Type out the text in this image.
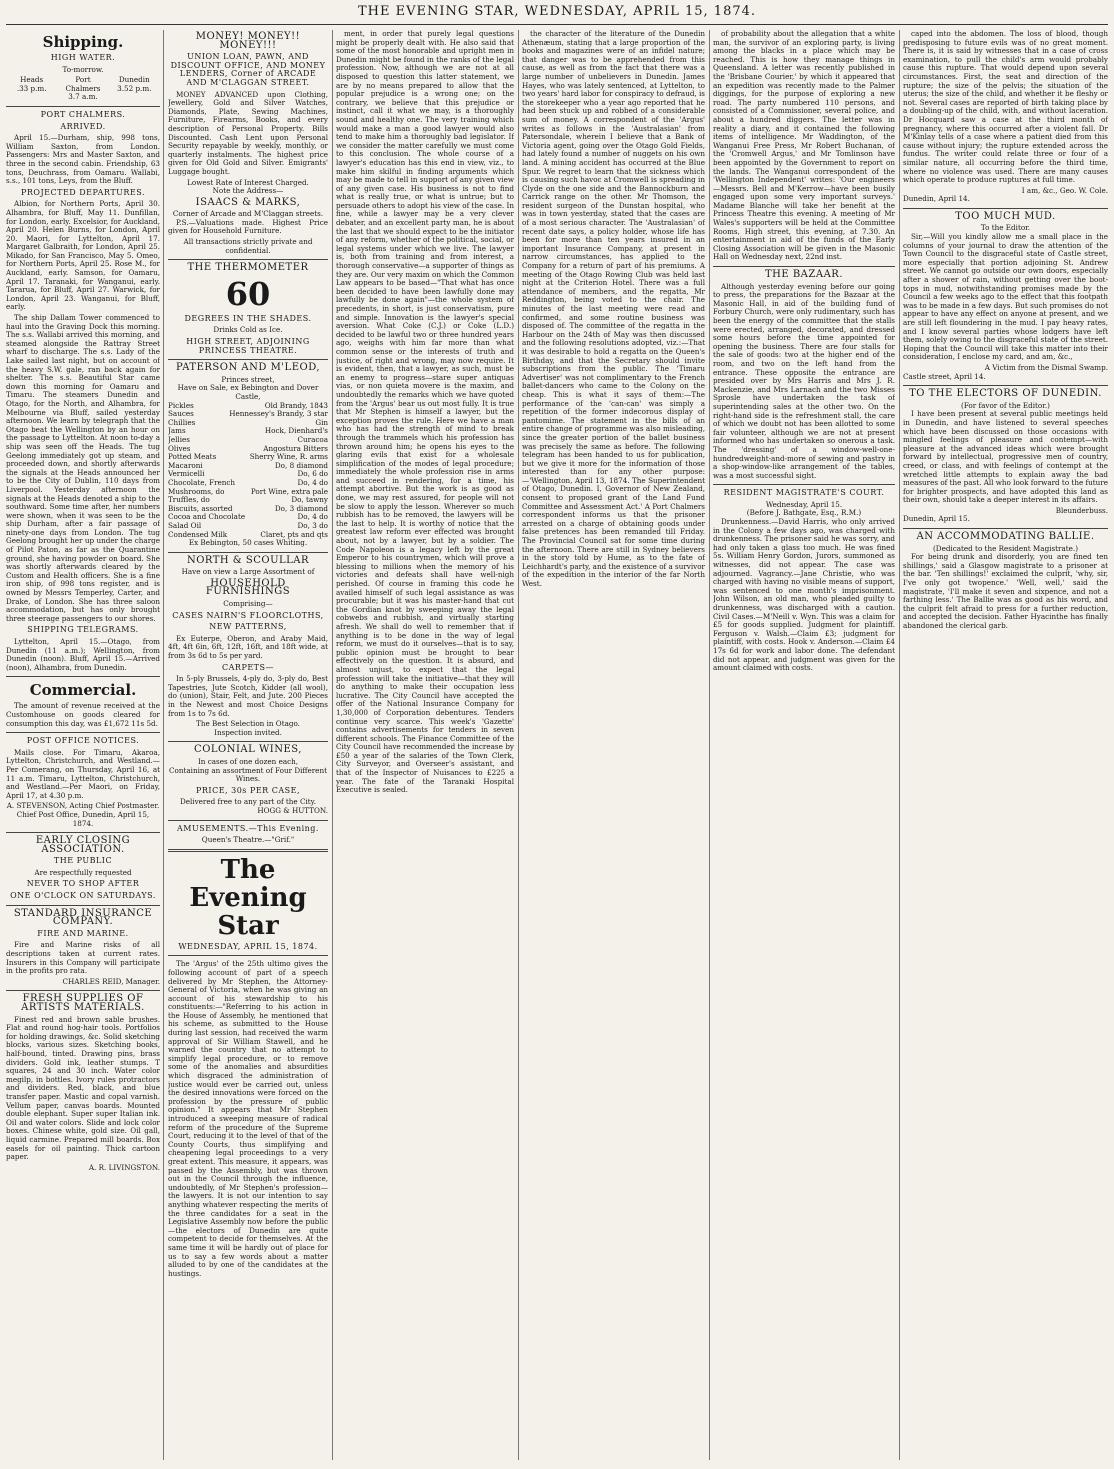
THE EVENING STAR, WEDNESDAY, APRIL 15, 1874.
Shipping.
HIGH WATER.
To-morrow.
Heads
.33 p.m.
Port Chalmers
3.7 a.m.
Dunedin
3.52 p.m.
PORT CHALMERS.
ARRIVED.

April 15.—Durham, ship, 998 tons, William Saxton, from London. Passengers: Mrs and Master Saxton, and three in the second cabin. Friendship, 63 tons, Deuchrass, from Oamaru. Wallabi, s.s., 101 tons, Leys, from the Bluff.

PROJECTED DEPARTURES.

Albion, for Northern Ports, April 30. Alhambra, for Bluff, May 11. Dunfillan, for London, early. Excelsior, for Auckland, April 20. Helen Burns, for London, April 20. Maori, for Lyttelton, April 17. Margaret Galbraith, for London, April 25. Mikado, for San Francisco, May 5. Omeo, for Northern Ports, April 25. Rose M., for Auckland, early. Samson, for Oamaru, April 17. Taranaki, for Wanganui, early. Tararua, for Bluff, April 27. Warwick, for London, April 23. Wanganui, for Bluff, early.

The ship Dallam Tower commenced to haul into the Graving Dock this morning. The s.s. Wallabi arrived this morning, and steamed alongside the Rattray Street wharf to discharge. The s.s. Lady of the Lake sailed last night, but on account of the heavy S.W. gale, ran back again for shelter. The s.s. Beautiful Star came down this morning for Oamaru and Timaru. The steamers Dunedin and Otago, for the North, and Alhambra, for Melbourne via Bluff, sailed yesterday afternoon. We learn by telegraph that the Otago beat the Wellington by an hour on the passage to Lyttelton. At noon to-day a ship was seen off the Heads. The tug Geelong immediately got up steam, and proceeded down, and shortly afterwards the signals at the Heads announced her to be the City of Dublin, 110 days from Liverpool. Yesterday afternoon the signals at the Heads denoted a ship to the southward. Some time after, her numbers were shown, when it was seen to be the ship Durham, after a fair passage of ninety-one days from London. The tug Geelong brought her up under the charge of Pilot Paton, as far as the Quarantine ground, she having powder on board. She was shortly afterwards cleared by the Custom and Health officers. She is a fine iron ship, of 998 tons register, and is owned by Messrs Temperley, Carter, and Drake, of London. She has three saloon accommodation, but has only brought three steerage passengers to our shores.

SHIPPING TELEGRAMS.

Lyttelton, April 15.—Otago, from Dunedin (11 a.m.); Wellington, from Dunedin (noon). Bluff, April 15.—Arrived (noon), Alhambra, from Dunedin.

Commercial.

The amount of revenue received at the Customhouse on goods cleared for consumption this day, was £1,672 11s 5d.

POST OFFICE NOTICES.

Mails close. For Timaru, Akaroa, Lyttelton, Christchurch, and Westland.—Per Comerang, on Thursday, April 16, at 11 a.m. Timaru, Lyttelton, Christchurch, and Westland.—Per Maori, on Friday, April 17, at 4.30 p.m.

A. STEVENSON, Acting Chief Postmaster. Chief Post Office, Dunedin, April 15, 1874.
EARLY CLOSING ASSOCIATION.
THE PUBLIC
Are respectfully requested
NEVER TO SHOP AFTER
ONE O'CLOCK ON SATURDAYS.
STANDARD INSURANCE COMPANY.
FIRE AND MARINE.

Fire and Marine risks of all descriptions taken at current rates. Insurers in this Company will participate in the profits pro rata.

CHARLES REID, Manager.
FRESH SUPPLIES OF ARTISTS MATERIALS.

Finest red and brown sable brushes. Flat and round hog-hair tools. Portfolios for holding drawings, &c. Solid sketching blocks, various sizes. Sketching books, half-bound, tinted. Drawing pins, brass dividers. Gold ink, leather stumps. T squares, 24 and 30 inch. Water color megilp, in bottles. Ivory rules protractors and dividers. Red, black, and blue transfer paper. Mastic and copal varnish. Vellum paper, canvas boards. Mounted double elephant. Super super Italian ink. Oil and water colors. Slide and lock color boxes. Chinese white, gold size. Oil gall, liquid carmine. Prepared mill boards. Box easels for oil painting. Thick cartoon paper.

A. R. LIVINGSTON.
MONEY! MONEY!! MONEY!!!
UNION LOAN, PAWN, AND DISCOUNT OFFICE, AND MONEY LENDERS, Corner of ARCADE AND M'CLAGGAN STREET.

MONEY ADVANCED upon Clothing, Jewellery, Gold and Silver Watches, Diamonds, Plate, Sewing Machines, Furniture, Firearms, Books, and every description of Personal Property. Bills Discounted. Cash Lent upon Personal Security repayable by weekly, monthly, or quarterly instalments. The highest price given for Old Gold and Silver. Emigrants' Luggage bought.

Lowest Rate of Interest Charged.
Note the Address—
ISAACS & MARKS,
Corner of Arcade and M'Claggan streets.

P.S.—Valuations made. Highest Price given for Household Furniture.

All transactions strictly private and confidential.
THE THERMOMETER
60
DEGREES IN THE SHADES.
Drinks Cold as Ice.
HIGH STREET, ADJOINING PRINCESS THEATRE.
PATERSON AND M'LEOD,
Princes street,
Have on Sale, ex Bebington and Dover Castle,
Pickles	Old Brandy, 1843
Sauces	Hennessey's Brandy, 3 star
Chillies	Gin
Jams	Hock, Dienhard's
Jellies	Curacoa
Olives	Angostura Bitters
Potted Meats	Sherry Wine, R. arms
Macaroni	Do, 8 diamond
Vermicelli	Do, 6 do
Chocolate, French	Do, 4 do
Mushrooms, do	Port Wine, extra pale
Truffles, do	Do, tawny
Biscuits, assorted	Do, 3 diamond
Cocoa and Chocolate	Do, 4 do
Salad Oil	Do, 3 do
Condensed Milk	Claret, pts and qts
Ex Bebington, 50 cases Whiting.
NORTH & SCOULLAR
Have on view a Large Assortment of
HOUSEHOLD FURNISHINGS
Comprising—
CASES NAIRN'S FLOORCLOTHS,
NEW PATTERNS,

Ex Euterpe, Oberon, and Araby Maid, 4ft, 4ft 6in, 6ft, 12ft, 16ft, and 18ft wide, at from 3s 6d to 5s per yard.

CARPETS—

In 5-ply Brussels, 4-ply do, 3-ply do, Best Tapestries, Jute Scotch, Kidder (all wool), do (union), Stair, Felt, and Jute. 200 Pieces in the Newest and most Choice Designs from 1s to 7s 6d.

The Best Selection in Otago.
Inspection invited.
COLONIAL WINES,
In cases of one dozen each,
Containing an assortment of Four Different
Wines.
PRICE, 30s PER CASE,
Delivered free to any part of the City.
HOGG & HUTTON.
AMUSEMENTS.—This Evening.
Queen's Theatre.—"Grif."
The Evening Star
WEDNESDAY, APRIL 15, 1874.

The 'Argus' of the 25th ultimo gives the following account of part of a speech delivered by Mr Stephen, the Attorney-General of Victoria, when he was giving an account of his stewardship to his constituents:—"Referring to his action in the House of Assembly, he mentioned that his scheme, as submitted to the House during last session, had received the warm approval of Sir William Stawell, and he warned the country that no attempt to simplify legal procedure, or to remove some of the anomalies and absurdities which disgraced the administration of justice would ever be carried out, unless the desired innovations were forced on the profession by the pressure of public opinion." It appears that Mr Stephen introduced a sweeping measure of radical reform of the procedure of the Supreme Court, reducing it to the level of that of the County Courts, thus simplifying and cheapening legal proceedings to a very great extent. This measure, it appears, was passed by the Assembly, but was thrown out in the Council through the influence, undoubtedly, of Mr Stephen's profession—the lawyers. It is not our intention to say anything whatever respecting the merits of the three candidates for a seat in the Legislative Assembly now before the public—the electors of Dunedin are quite competent to decide for themselves. At the same time it will be hardly out of place for us to say a few words about a matter alluded to by one of the candidates at the hustings.

ment, in order that purely legal questions might be properly dealt with. He also said that some of the most honorable and upright men in Dunedin might be found in the ranks of the legal profession. Now, although we are not at all disposed to question this latter statement, we are by no means prepared to allow that the popular prejudice is a wrong one; on the contrary, we believe that this prejudice or instinct, call it what we may, is a thoroughly sound and healthy one. The very training which would make a man a good lawyer would also tend to make him a thoroughly bad legislator. If we consider the matter carefully we must come to this conclusion. The whole course of a lawyer's education has this end in view, viz., to make him skilful in finding arguments which may be made to tell in support of any given view of any given case. His business is not to find what is really true, or what is untrue; but to persuade others to adopt his view of the case. In fine, while a lawyer may be a very clever debater, and an excellent party man, he is about the last that we should expect to be the initiator of any reform, whether of the political, social, or legal systems under which we live. The lawyer is, both from training and from interest, a thorough conservative—a supporter of things as they are. Our very maxim on which the Common Law appears to be based—"That what has once been decided to have been lawfully done may lawfully be done again"—the whole system of precedents, in short, is just conservatism, pure and simple. Innovation is the lawyer's special aversion. What Coke (C.J.) or Coke (L.D.) decided to be lawful two or three hundred years ago, weighs with him far more than what common sense or the interests of truth and justice, of right and wrong, may now require. It is evident, then, that a lawyer, as such, must be an enemy to progress—stare super antiquas vias, or non quieta movere is the maxim, and undoubtedly the remarks which we have quoted from the 'Argus' bear us out most fully. It is true that Mr Stephen is himself a lawyer, but the exception proves the rule. Here we have a man who has had the strength of mind to break through the trammels which his profession has thrown around him; he opens his eyes to the glaring evils that exist for a wholesale simplification of the modes of legal procedure; immediately the whole profession rise in arms and succeed in rendering, for a time, his attempt abortive. But the work is as good as done, we may rest assured, for people will not be slow to apply the lesson. Wherever so much rubbish has to be removed, the lawyers will be the last to help. It is worthy of notice that the greatest law reform ever effected was brought about, not by a lawyer, but by a soldier. The Code Napoleon is a legacy left by the great Emperor to his countrymen, which will prove a blessing to millions when the memory of his victories and defeats shall have well-nigh perished. Of course in framing this code he availed himself of such legal assistance as was procurable; but it was his master-hand that cut the Gordian knot by sweeping away the legal cobwebs and rubbish, and virtually starting afresh. We shall do well to remember that if anything is to be done in the way of legal reform, we must do it ourselves—that is to say, public opinion must be brought to bear effectively on the question. It is absurd, and almost unjust, to expect that the legal profession will take the initiative—that they will do anything to make their occupation less lucrative. The City Council have accepted the offer of the National Insurance Company for 1,30,000 of Corporation debentures. Tenders continue very scarce. This week's 'Gazette' contains advertisements for tenders in seven different schools. The Finance Committee of the City Council have recommended the increase by £50 a year of the salaries of the Town Clerk, City Surveyor, and Overseer's assistant, and that of the Inspector of Nuisances to £225 a year. The fate of the Taranaki Hospital Executive is sealed.

the character of the literature of the Dunedin Athenæum, stating that a large proportion of the books and magazines were of an infidel nature; that danger was to be apprehended from this cause, as well as from the fact that there was a large number of unbelievers in Dunedin. James Hayes, who was lately sentenced, at Lyttelton, to two years' hard labor for conspiracy to defraud, is the storekeeper who a year ago reported that he had been stuck up and robbed of a considerable sum of money. A correspondent of the 'Argus' writes as follows in the 'Australasian' from Patersondale, wherein I believe that a Bank of Victoria agent, going over the Otago Gold Fields, had lately found a number of nuggets on his own land. A mining accident has occurred at the Blue Spur. We regret to learn that the sickness which is causing such havoc at Cromwell is spreading in Clyde on the one side and the Bannockburn and Carrick range on the other. Mr Thomson, the resident surgeon of the Dunstan hospital, who was in town yesterday, stated that the cases are of a most serious character. The 'Australasian' of recent date says, a policy holder, whose life has been for more than ten years insured in an important Insurance Company, at present in narrow circumstances, has applied to the Company for a return of part of his premiums. A meeting of the Otago Rowing Club was held last night at the Criterion Hotel. There was a full attendance of members, and the regatta, Mr Reddington, being voted to the chair. The minutes of the last meeting were read and confirmed, and some routine business was disposed of. The committee of the regatta in the Harbour on the 24th of May was then discussed and the following resolutions adopted, viz.:—That it was desirable to hold a regatta on the Queen's Birthday, and that the Secretary should invite subscriptions from the public. The 'Timaru Advertiser' was not complimentary to the French ballet-dancers who came to the Colony on the cheap. This is what it says of them:—The performance of the 'can-can' was simply a repetition of the former indecorous display of pantomime. The statement in the bills of an entire change of programme was also misleading, since the greater portion of the ballet business was precisely the same as before. The following telegram has been handed to us for publication, but we give it more for the information of those interested than for any other purpose:—'Wellington, April 13, 1874. The Superintendent of Otago, Dunedin. I, Governor of New Zealand, consent to proposed grant of the Land Fund Committee and Assessment Act.' A Port Chalmers correspondent informs us that the prisoner arrested on a charge of obtaining goods under false pretences has been remanded till Friday. The Provincial Council sat for some time during the afternoon. There are still in Sydney believers in the story told by Hume, as to the fate of Leichhardt's party, and the existence of a survivor of the expedition in the interior of the far North West.

of probability about the allegation that a white man, the survivor of an exploring party, is living among the blacks in a place which may be reached. This is how they manage things in Queensland. A letter was recently published in the 'Brisbane Courier,' by which it appeared that an expedition was recently made to the Palmer diggings, for the purpose of exploring a new road. The party numbered 110 persons, and consisted of a Commissioner, several police, and about a hundred diggers. The letter was in reality a diary, and it contained the following items of intelligence. Mr Waddington, of the Wanganui Free Press, Mr Robert Buchanan, of the 'Cromwell Argus,' and Mr Tomlinson have been appointed by the Government to report on the lands. The Wanganui correspondent of the 'Wellington Independent' writes: 'Our engineers—Messrs. Bell and M'Kerrow—have been busily engaged upon some very important surveys.' Madame Blanche will take her benefit at the Princess Theatre this evening. A meeting of Mr Wales's supporters will be held at the Committee Rooms, High street, this evening, at 7.30. An entertainment in aid of the funds of the Early Closing Association will be given in the Masonic Hall on Wednesday next, 22nd inst.

THE BAZAAR.

Although yesterday evening before our going to press, the preparations for the Bazaar at the Masonic Hall, in aid of the building fund of Forbury Church, were only rudimentary, such has been the energy of the committee that the stalls were erected, arranged, decorated, and dressed some hours before the time appointed for opening the business. There are four stalls for the sale of goods: two at the higher end of the room, and two on the left hand from the entrance. These opposite the entrance are presided over by Mrs Harris and Mrs J. R. Mackenzie, and Mrs Larnach and the two Misses Sprosle have undertaken the task of superintending sales at the other two. On the right-hand side is the refreshment stall, the care of which we doubt not has been allotted to some fair volunteer, although we are not at present informed who has undertaken so onerous a task. The 'dressing' of a window-well-one-hundredweight-and-more of sewing and pastry in a shop-window-like arrangement of the tables, was a most successful sight.

RESIDENT MAGISTRATE'S COURT.
Wednesday, April 15.
(Before J. Bathgate, Esq., R.M.)

Drunkenness.—David Harris, who only arrived in the Colony a few days ago, was charged with drunkenness. The prisoner said he was sorry, and had only taken a glass too much. He was fined 5s. William Henry Gordon, Jurors, summoned as witnesses, did not appear. The case was adjourned. Vagrancy.—Jane Christie, who was charged with having no visible means of support, was sentenced to one month's imprisonment. John Wilson, an old man, who pleaded guilty to drunkenness, was discharged with a caution. Civil Cases.—M'Neill v. Wyn. This was a claim for £5 for goods supplied. Judgment for plaintiff. Ferguson v. Walsh.—Claim £3; judgment for plaintiff, with costs. Hook v. Anderson.—Claim £4 17s 6d for work and labor done. The defendant did not appear, and judgment was given for the amount claimed with costs.

caped into the abdomen. The loss of blood, though predisposing to future evils was of no great moment. There is, it is said by witnesses that in a case of cross examination, to pull the child's arm would probably cause this rupture. That would depend upon several circumstances. First, the seat and direction of the rupture; the size of the pelvis; the situation of the uterus; the size of the child, and whether it be fleshy or not. Several cases are reported of birth taking place by a doubling-up of the child, with, and without laceration. Dr Hocquard saw a case at the third month of pregnancy, where this occurred after a violent fall. Dr M'Kinlay tells of a case where a patient died from this cause without injury; the rupture extended across the fundus. The writer could relate three or four of a similar nature, all occurring before the third time, where no violence was used. There are many causes which operate to produce ruptures at full time.

I am, &c., Geo. W. Cole.
Dunedin, April 14.
TOO MUCH MUD.
To the Editor.

Sir,—Will you kindly allow me a small place in the columns of your journal to draw the attention of the Town Council to the disgraceful state of Castle street, more especially that portion adjoining St. Andrew street. We cannot go outside our own doors, especially after a shower of rain, without getting over the boot-tops in mud, notwithstanding promises made by the Council a few weeks ago to the effect that this footpath was to be made in a few days. But such promises do not appear to have any effect on anyone at present, and we are still left floundering in the mud. I pay heavy rates, and I know several parties whose lodgers have left them, solely owing to the disgraceful state of the street. Hoping that the Council will take this matter into their consideration, I enclose my card, and am, &c.,

A Victim from the Dismal Swamp.
Castle street, April 14.
TO THE ELECTORS OF DUNEDIN.
(For favor of the Editor.)

I have been present at several public meetings held in Dunedin, and have listened to several speeches which have been discussed on those occasions with mingled feelings of pleasure and contempt—with pleasure at the advanced ideas which were brought forward by intellectual, progressive men of country, creed, or class, and with feelings of contempt at the wretched little attempts to explain away the bad measures of the past. All who look forward to the future for brighter prospects, and have adopted this land as their own, should take a deeper interest in its affairs.

Bleunderbuss.
Dunedin, April 15.
AN ACCOMMODATING BALLIE.
(Dedicated to the Resident Magistrate.)

For being drunk and disorderly, you are fined ten shillings,' said a Glasgow magistrate to a prisoner at the bar. 'Ten shillings!' exclaimed the culprit, 'why, sir, I've only got twopence.' 'Well, well,' said the magistrate, 'I'll make it seven and sixpence, and not a farthing less.' The Ballie was as good as his word, and the culprit felt afraid to press for a further reduction, and accepted the decision. Father Hyacinthe has finally abandoned the clerical garb.
